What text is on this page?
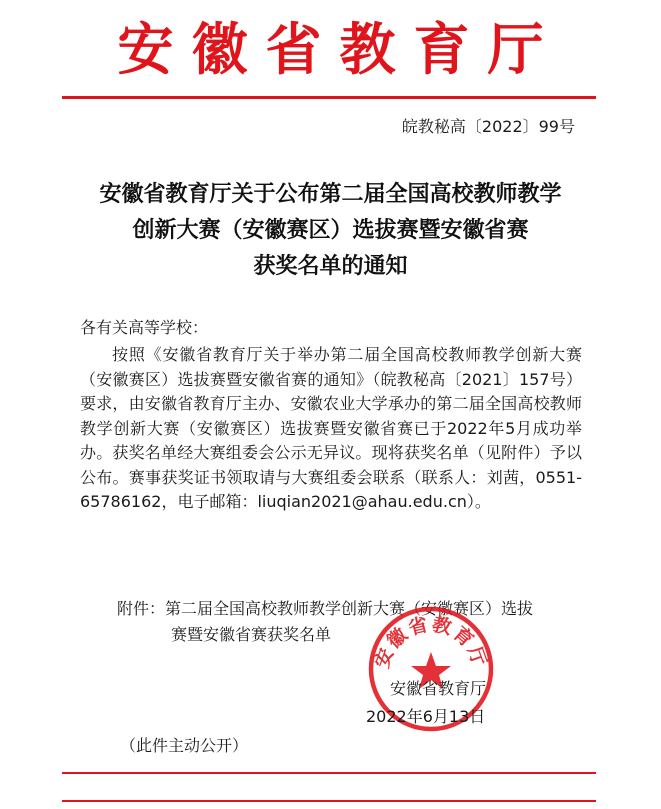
安徽省教育厅
皖教秘高〔2022〕99号
安徽省教育厅关于公布第二届全国高校教师教学
创新大赛（安徽赛区）选拔赛暨安徽省赛
获奖名单的通知
各有关高等学校：
按照《安徽省教育厅关于举办第二届全国高校教师教学创新大赛（安徽赛区）选拔赛暨安徽省赛的通知》（皖教秘高〔2021〕157号）要求，由安徽省教育厅主办、安徽农业大学承办的第二届全国高校教师教学创新大赛（安徽赛区）选拔赛暨安徽省赛已于2022年5月成功举办。获奖名单经大赛组委会公示无异议。现将获奖名单（见附件）予以公布。赛事获奖证书领取请与大赛组委会联系（联系人：刘茜，0551-65786162，电子邮箱：liuqian2021@ahau.edu.cn）。
附件：第二届全国高校教师教学创新大赛（安徽赛区）选拔
赛暨安徽省赛获奖名单
安徽省教育厅
安徽省教育厅
2022年6月13日
（此件主动公开）
